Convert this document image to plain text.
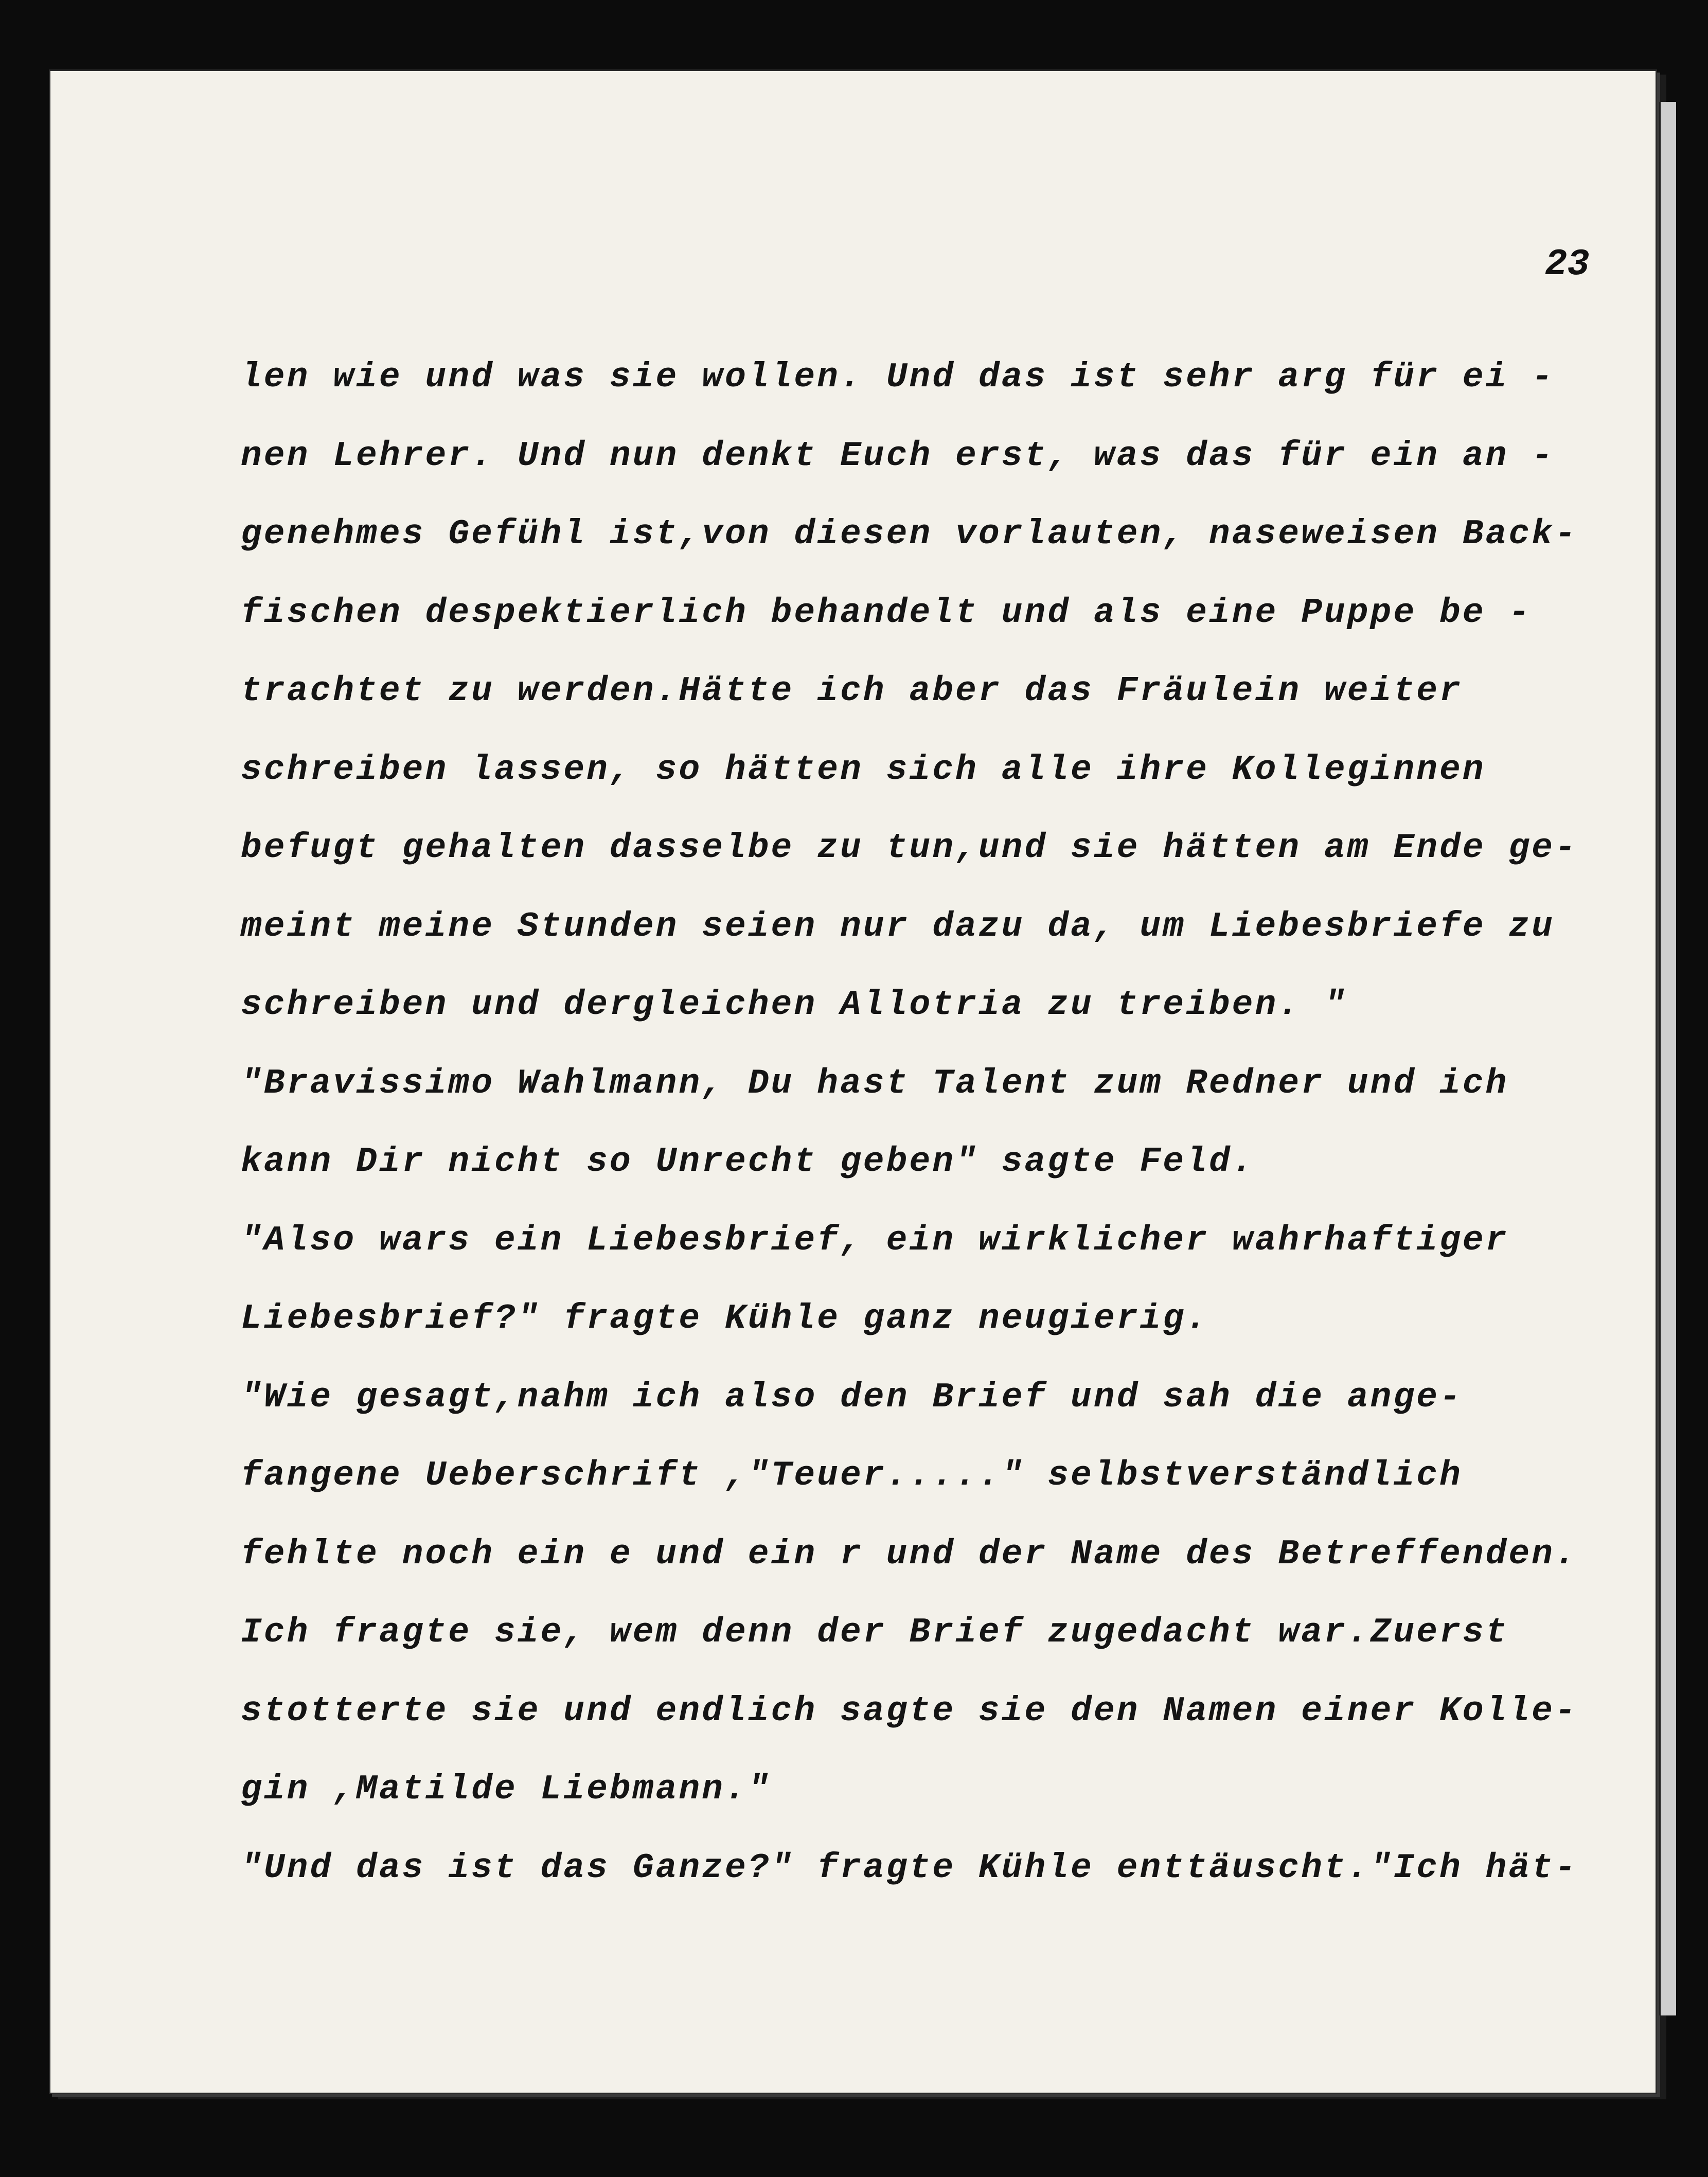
23
len wie und was sie wollen. Und das ist sehr arg für ei -
nen Lehrer. Und nun denkt Euch erst, was das für ein an -
genehmes Gefühl ist,von diesen vorlauten, naseweisen Back-
fischen despektierlich behandelt und als eine Puppe be -
trachtet zu werden.Hätte ich aber das Fräulein weiter
schreiben lassen, so hätten sich alle ihre Kolleginnen
befugt gehalten dasselbe zu tun,und sie hätten am Ende ge-
meint meine Stunden seien nur dazu da, um Liebesbriefe zu
schreiben und dergleichen Allotria zu treiben. "
"Bravissimo Wahlmann, Du hast Talent zum Redner und ich
kann Dir nicht so Unrecht geben" sagte Feld.
"Also wars ein Liebesbrief, ein wirklicher wahrhaftiger
Liebesbrief?" fragte Kühle ganz neugierig.
"Wie gesagt,nahm ich also den Brief und sah die ange-
fangene Ueberschrift ,"Teuer....." selbstverständlich
fehlte noch ein e und ein r und der Name des Betreffenden.
Ich fragte sie, wem denn der Brief zugedacht war.Zuerst
stotterte sie und endlich sagte sie den Namen einer Kolle-
gin ,Matilde Liebmann."
"Und das ist das Ganze?" fragte Kühle enttäuscht."Ich hät-
